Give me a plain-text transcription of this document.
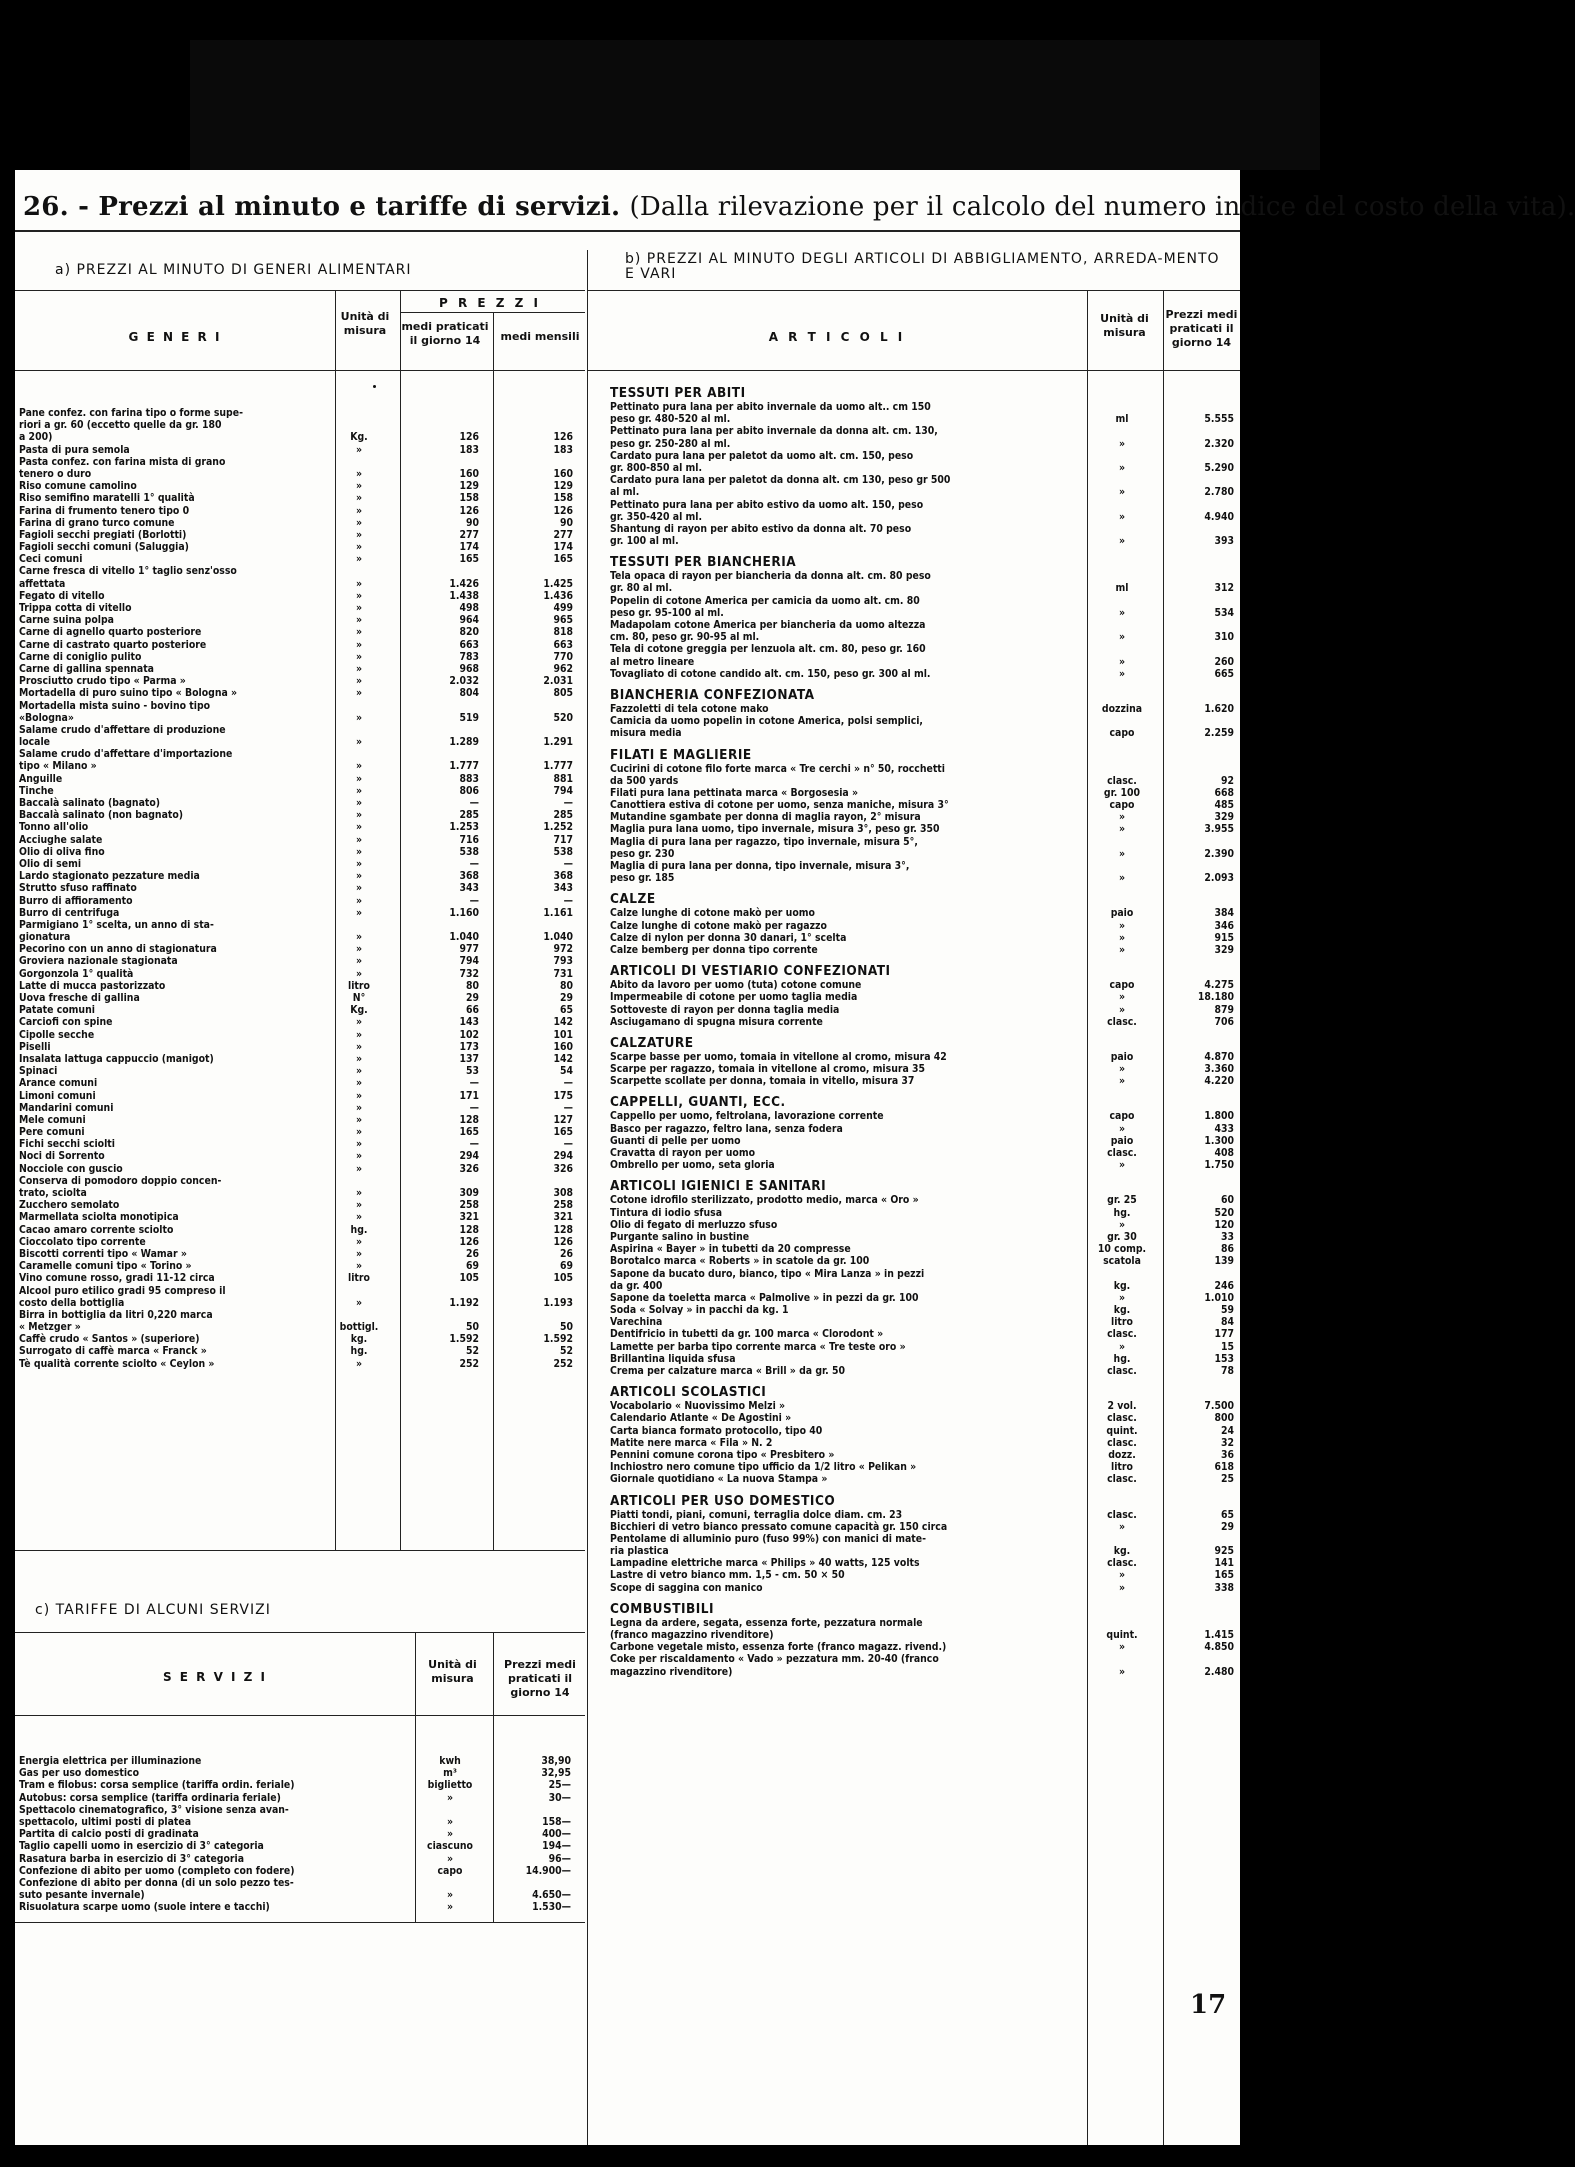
26. - Prezzi al minuto e tariffe di servizi. (Dalla rilevazione per il calcolo del numero indice del costo della vita).
a) PREZZI AL MINUTO DI GENERI ALIMENTARI
G E N E R I
Unità di misura
P R E Z Z I
medi praticati il giorno 14	medi mensili
Pane confez. con farina tipo o forme supe-
riori a gr. 60 (eccetto quelle da gr. 180
a 200)	Kg.	126	126
Pasta di pura semola	»	183	183
Pasta confez. con farina mista di grano
tenero o duro	»	160	160
Riso comune camolino	»	129	129
Riso semifino maratelli 1° qualità	»	158	158
Farina di frumento tenero tipo 0	»	126	126
Farina di grano turco comune	»	90	90
Fagioli secchi pregiati (Borlotti)	»	277	277
Fagioli secchi comuni (Saluggia)	»	174	174
Ceci comuni	»	165	165
Carne fresca di vitello 1° taglio senz'osso
affettata	»	1.426	1.425
Fegato di vitello	»	1.438	1.436
Trippa cotta di vitello	»	498	499
Carne suina polpa	»	964	965
Carne di agnello quarto posteriore	»	820	818
Carne di castrato quarto posteriore	»	663	663
Carne di coniglio pulito	»	783	770
Carne di gallina spennata	»	968	962
Prosciutto crudo tipo « Parma »	»	2.032	2.031
Mortadella di puro suino tipo « Bologna »	»	804	805
Mortadella mista suino - bovino tipo
«Bologna»	»	519	520
Salame crudo d'affettare di produzione
locale	»	1.289	1.291
Salame crudo d'affettare d'importazione
tipo « Milano »	»	1.777	1.777
Anguille	»	883	881
Tinche	»	806	794
Baccalà salinato (bagnato)	»	—	—
Baccalà salinato (non bagnato)	»	285	285
Tonno all'olio	»	1.253	1.252
Acciughe salate	»	716	717
Olio di oliva fino	»	538	538
Olio di semi	»	—	—
Lardo stagionato pezzature media	»	368	368
Strutto sfuso raffinato	»	343	343
Burro di affioramento	»	—	—
Burro di centrifuga	»	1.160	1.161
Parmigiano 1° scelta, un anno di sta-
gionatura	»	1.040	1.040
Pecorino con un anno di stagionatura	»	977	972
Groviera nazionale stagionata	»	794	793
Gorgonzola 1° qualità	»	732	731
Latte di mucca pastorizzato	litro	80	80
Uova fresche di gallina	N°	29	29
Patate comuni	Kg.	66	65
Carciofi con spine	»	143	142
Cipolle secche	»	102	101
Piselli	»	173	160
Insalata lattuga cappuccio (manigot)	»	137	142
Spinaci	»	53	54
Arance comuni	»	—	—
Limoni comuni	»	171	175
Mandarini comuni	»	—	—
Mele comuni	»	128	127
Pere comuni	»	165	165
Fichi secchi sciolti	»	—	—
Noci di Sorrento	»	294	294
Nocciole con guscio	»	326	326
Conserva di pomodoro doppio concen-
trato, sciolta	»	309	308
Zucchero semolato	»	258	258
Marmellata sciolta monotipica	»	321	321
Cacao amaro corrente sciolto	hg.	128	128
Cioccolato tipo corrente	»	126	126
Biscotti correnti tipo « Wamar »	»	26	26
Caramelle comuni tipo « Torino »	»	69	69
Vino comune rosso, gradi 11-12 circa	litro	105	105
Alcool puro etilico gradi 95 compreso il
costo della bottiglia	»	1.192	1.193
Birra in bottiglia da litri 0,220 marca
« Metzger »	bottigl.	50	50
Caffè crudo « Santos » (superiore)	kg.	1.592	1.592
Surrogato di caffè marca « Franck »	hg.	52	52
Tè qualità corrente sciolto « Ceylon »	»	252	252
c) TARIFFE DI ALCUNI SERVIZI
S E R V I Z I
Unità di misura
Prezzi medi praticati il giorno 14
Energia elettrica per illuminazione	kwh	38,90
Gas per uso domestico	m³	32,95
Tram e filobus: corsa semplice (tariffa ordin. feriale)	biglietto	25—
Autobus: corsa semplice (tariffa ordinaria feriale)	»	30—
Spettacolo cinematografico, 3° visione senza avan-
spettacolo, ultimi posti di platea	»	158—
Partita di calcio posti di gradinata	»	400—
Taglio capelli uomo in esercizio di 3° categoria	ciascuno	194—
Rasatura barba in esercizio di 3° categoria	»	96—
Confezione di abito per uomo (completo con fodere)	capo	14.900—
Confezione di abito per donna (di un solo pezzo tes-
suto pesante invernale)	»	4.650—
Risuolatura scarpe uomo (suole intere e tacchi)	»	1.530—
b) PREZZI AL MINUTO DEGLI ARTICOLI DI ABBIGLIAMENTO, ARREDA-MENTO E VARI
A R T I C O L I
Unità di misura
Prezzi medi praticati il giorno 14
TESSUTI PER ABITI
Pettinato pura lana per abito invernale da uomo alt.. cm 150
peso gr. 480-520 al ml.	ml	5.555
Pettinato pura lana per abito invernale da donna alt. cm. 130,
peso gr. 250-280 al ml.	»	2.320
Cardato pura lana per paletot da uomo alt. cm. 150, peso
gr. 800-850 al ml.	»	5.290
Cardato pura lana per paletot da donna alt. cm 130, peso gr 500
al ml.	»	2.780
Pettinato pura lana per abito estivo da uomo alt. 150, peso
gr. 350-420 al ml.	»	4.940
Shantung di rayon per abito estivo da donna alt. 70 peso
gr. 100 al ml.	»	393
TESSUTI PER BIANCHERIA
Tela opaca di rayon per biancheria da donna alt. cm. 80 peso
gr. 80 al ml.	ml	312
Popelin di cotone America per camicia da uomo alt. cm. 80
peso gr. 95-100 al ml.	»	534
Madapolam cotone America per biancheria da uomo altezza
cm. 80, peso gr. 90-95 al ml.	»	310
Tela di cotone greggia per lenzuola alt. cm. 80, peso gr. 160
al metro lineare	»	260
Tovagliato di cotone candido alt. cm. 150, peso gr. 300 al ml.	»	665
BIANCHERIA CONFEZIONATA
Fazzoletti di tela cotone mako	dozzina	1.620
Camicia da uomo popelin in cotone America, polsi semplici,
misura media	capo	2.259
FILATI E MAGLIERIE
Cucirini di cotone filo forte marca « Tre cerchi » n° 50, rocchetti
da 500 yards	clasc.	92
Filati pura lana pettinata marca « Borgosesia »	gr. 100	668
Canottiera estiva di cotone per uomo, senza maniche, misura 3°	capo	485
Mutandine sgambate per donna di maglia rayon, 2° misura	»	329
Maglia pura lana uomo, tipo invernale, misura 3°, peso gr. 350	»	3.955
Maglia di pura lana per ragazzo, tipo invernale, misura 5°,
peso gr. 230	»	2.390
Maglia di pura lana per donna, tipo invernale, misura 3°,
peso gr. 185	»	2.093
CALZE
Calze lunghe di cotone makò per uomo	paio	384
Calze lunghe di cotone makò per ragazzo	»	346
Calze di nylon per donna 30 danari, 1° scelta	»	915
Calze bemberg per donna tipo corrente	»	329
ARTICOLI DI VESTIARIO CONFEZIONATI
Abito da lavoro per uomo (tuta) cotone comune	capo	4.275
Impermeabile di cotone per uomo taglia media	»	18.180
Sottoveste di rayon per donna taglia media	»	879
Asciugamano di spugna misura corrente	clasc.	706
CALZATURE
Scarpe basse per uomo, tomaia in vitellone al cromo, misura 42	paio	4.870
Scarpe per ragazzo, tomaia in vitellone al cromo, misura 35	»	3.360
Scarpette scollate per donna, tomaia in vitello, misura 37	»	4.220
CAPPELLI, GUANTI, ECC.
Cappello per uomo, feltrolana, lavorazione corrente	capo	1.800
Basco per ragazzo, feltro lana, senza fodera	»	433
Guanti di pelle per uomo	paio	1.300
Cravatta di rayon per uomo	clasc.	408
Ombrello per uomo, seta gloria	»	1.750
ARTICOLI IGIENICI E SANITARI
Cotone idrofilo sterilizzato, prodotto medio, marca « Oro »	gr. 25	60
Tintura di iodio sfusa	hg.	520
Olio di fegato di merluzzo sfuso	»	120
Purgante salino in bustine	gr. 30	33
Aspirina « Bayer » in tubetti da 20 compresse	10 comp.	86
Borotalco marca « Roberts » in scatole da gr. 100	scatola	139
Sapone da bucato duro, bianco, tipo « Mira Lanza » in pezzi
da gr. 400	kg.	246
Sapone da toeletta marca « Palmolive » in pezzi da gr. 100	»	1.010
Soda « Solvay » in pacchi da kg. 1	kg.	59
Varechina	litro	84
Dentifricio in tubetti da gr. 100 marca « Clorodont »	clasc.	177
Lamette per barba tipo corrente marca « Tre teste oro »	»	15
Brillantina liquida sfusa	hg.	153
Crema per calzature marca « Brill » da gr. 50	clasc.	78
ARTICOLI SCOLASTICI
Vocabolario « Nuovissimo Melzi »	2 vol.	7.500
Calendario Atlante « De Agostini »	clasc.	800
Carta bianca formato protocollo, tipo 40	quint.	24
Matite nere marca « Fila » N. 2	clasc.	32
Pennini comune corona tipo « Presbitero »	dozz.	36
Inchiostro nero comune tipo ufficio da 1/2 litro « Pelikan »	litro	618
Giornale quotidiano « La nuova Stampa »	clasc.	25
ARTICOLI PER USO DOMESTICO
Piatti tondi, piani, comuni, terraglia dolce diam. cm. 23	clasc.	65
Bicchieri di vetro bianco pressato comune capacità gr. 150 circa	»	29
Pentolame di alluminio puro (fuso 99%) con manici di mate-
ria plastica	kg.	925
Lampadine elettriche marca « Philips » 40 watts, 125 volts	clasc.	141
Lastre di vetro bianco mm. 1,5 - cm. 50 × 50	»	165
Scope di saggina con manico	»	338
COMBUSTIBILI
Legna da ardere, segata, essenza forte, pezzatura normale
(franco magazzino rivenditore)	quint.	1.415
Carbone vegetale misto, essenza forte (franco magazz. rivend.)	»	4.850
Coke per riscaldamento « Vado » pezzatura mm. 20-40 (franco
magazzino rivenditore)	»	2.480
17
